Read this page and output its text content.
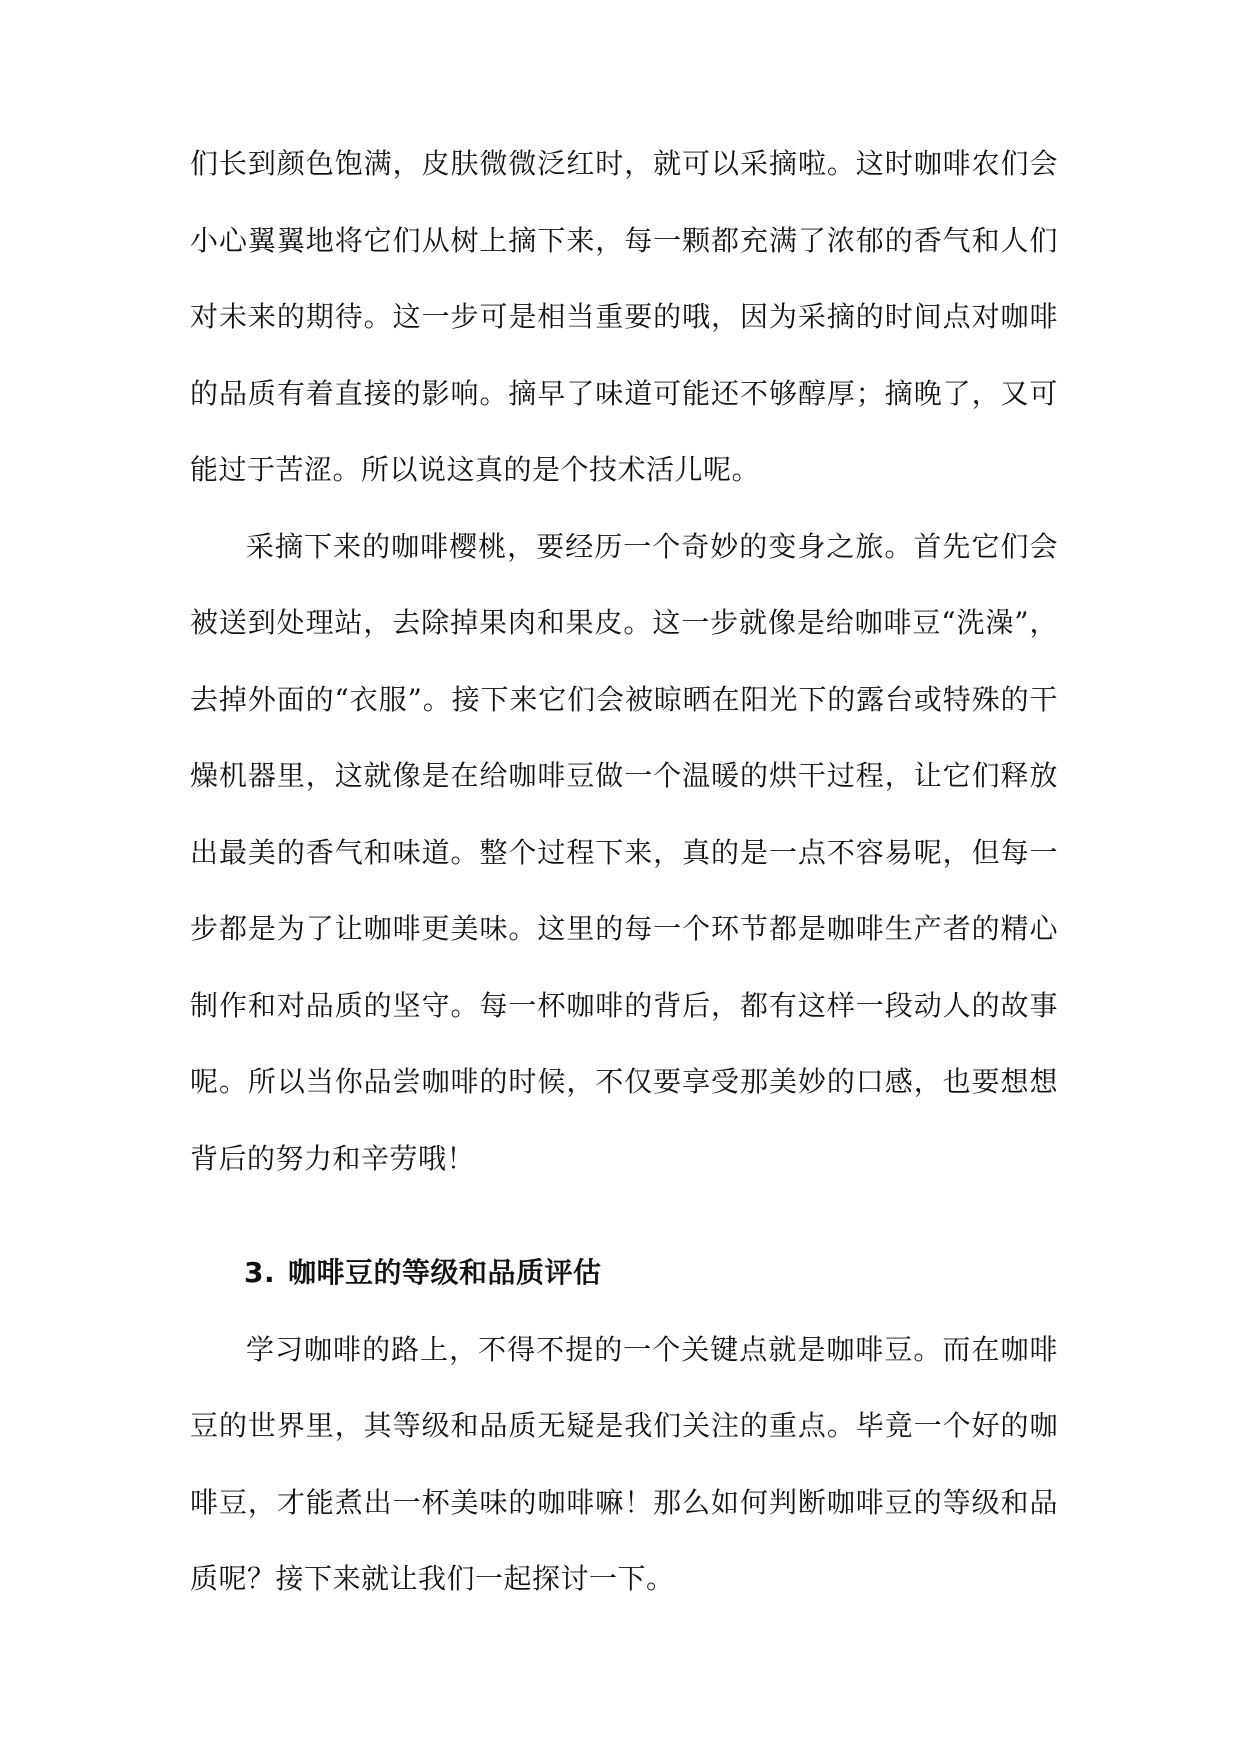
们长到颜色饱满，皮肤微微泛红时，就可以采摘啦。这时咖啡农们会小心翼翼地将它们从树上摘下来，每一颗都充满了浓郁的香气和人们对未来的期待。这一步可是相当重要的哦，因为采摘的时间点对咖啡的品质有着直接的影响。摘早了味道可能还不够醇厚；摘晚了，又可能过于苦涩。所以说这真的是个技术活儿呢。

采摘下来的咖啡樱桃，要经历一个奇妙的变身之旅。首先它们会被送到处理站，去除掉果肉和果皮。这一步就像是给咖啡豆“洗澡”，去掉外面的“衣服”。接下来它们会被晾晒在阳光下的露台或特殊的干燥机器里，这就像是在给咖啡豆做一个温暖的烘干过程，让它们释放出最美的香气和味道。整个过程下来，真的是一点不容易呢，但每一步都是为了让咖啡更美味。这里的每一个环节都是咖啡生产者的精心制作和对品质的坚守。每一杯咖啡的背后，都有这样一段动人的故事呢。所以当你品尝咖啡的时候，不仅要享受那美妙的口感，也要想想背后的努力和辛劳哦！

3. 咖啡豆的等级和品质评估

学习咖啡的路上，不得不提的一个关键点就是咖啡豆。而在咖啡豆的世界里，其等级和品质无疑是我们关注的重点。毕竟一个好的咖啡豆，才能煮出一杯美味的咖啡嘛！那么如何判断咖啡豆的等级和品质呢？接下来就让我们一起探讨一下。
